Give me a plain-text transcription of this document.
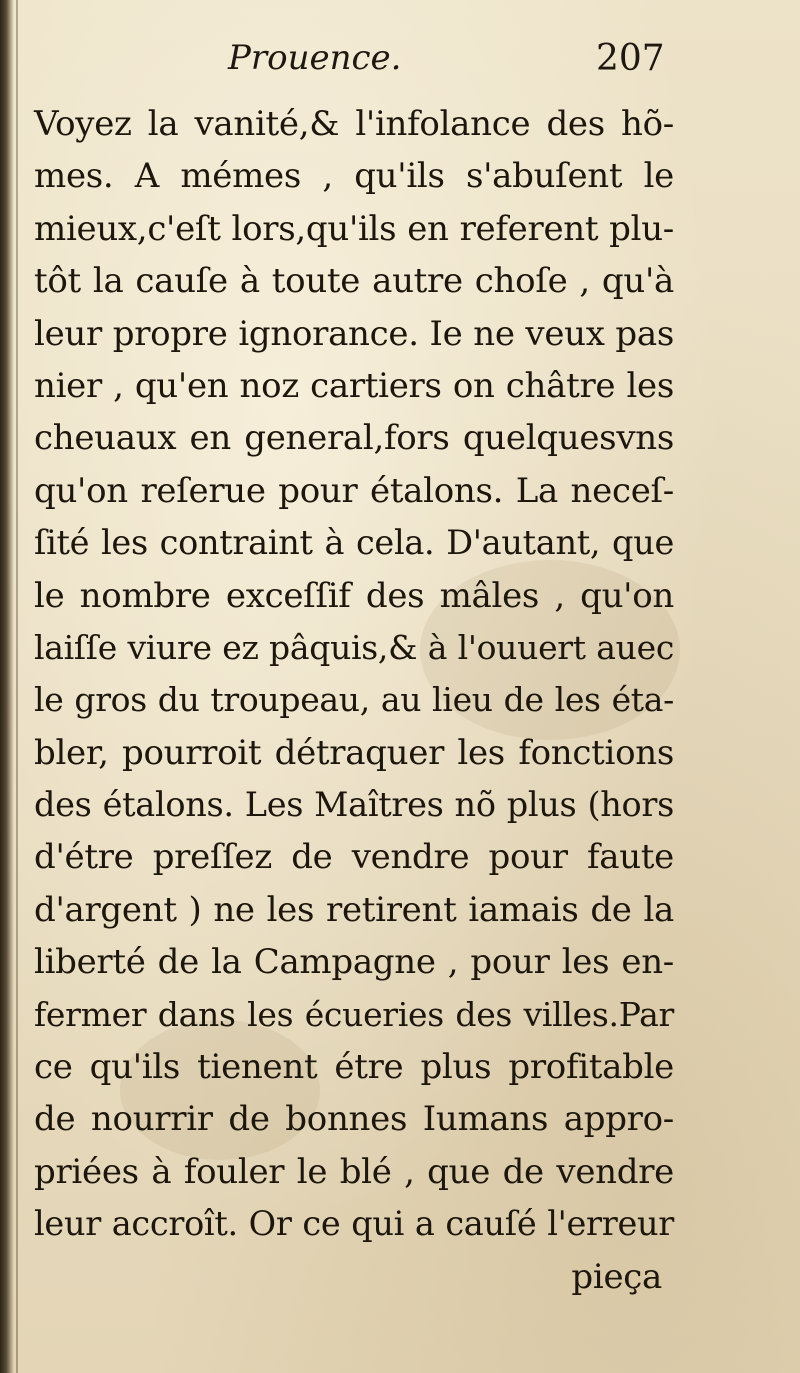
Prouence.	207
Voyez la vanité,& l'infolance des hõ-
mes. A mémes , qu'ils s'abuſent le
mieux,c'eſt lors,qu'ils en referent plu-
tôt la cauſe à toute autre choſe , qu'à
leur propre ignorance. Ie ne veux pas
nier , qu'en noz cartiers on châtre les
cheuaux en general,fors quelquesvns
qu'on reſerue pour étalons. La neceſ-
ſité les contraint à cela. D'autant, que
le nombre exceſſif des mâles , qu'on
laiſſe viure ez pâquis,& à l'ouuert auec
le gros du troupeau, au lieu de les éta-
bler, pourroit détraquer les fonctions
des étalons. Les Maîtres nõ plus (hors
d'étre preſſez de vendre pour faute
d'argent ) ne les retirent iamais de la
liberté de la Campagne , pour les en-
fermer dans les écueries des villes.Par
ce qu'ils tienent étre plus profitable
de nourrir de bonnes Iumans appro-
priées à fouler le blé , que de vendre
leur accroît. Or ce qui a cauſé l'erreur
pieça
